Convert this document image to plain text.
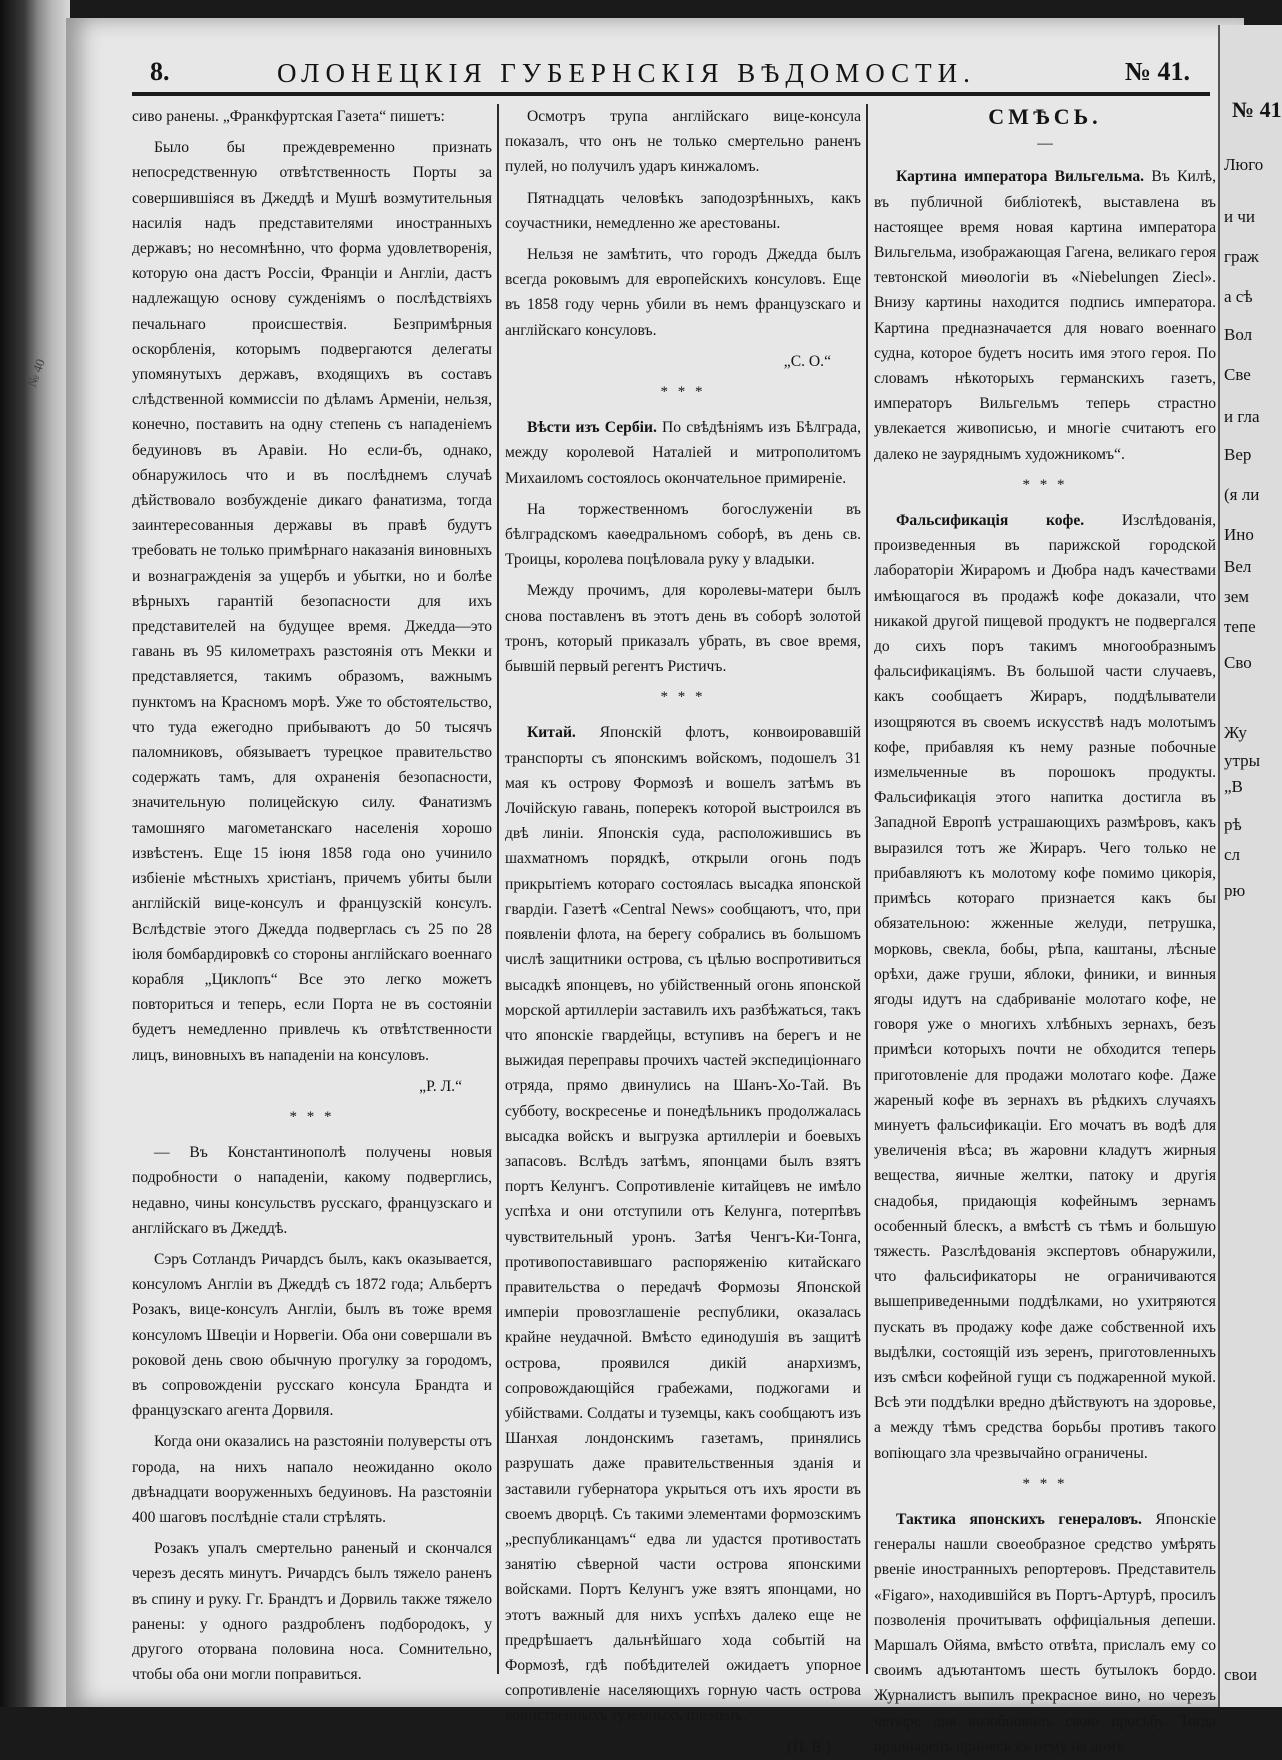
№ 40
№ 41
Люго
и чи
граж
а сѣ
Вол
Све
и гла
Вер
(я ли
Ино
Вел
зем
тепе
Сво
Жу
утры
„В
рѣ
сл
рю
свои
8.	ОЛОНЕЦКІЯ ГУБЕРНСКІЯ ВѢДОМОСТИ.	№ 41.

сиво ранены. „Франкфуртская Газета“ пишетъ:

Было бы преждевременно признать непосредственную отвѣтственность Порты за совершившiяся въ Джеддѣ и Мушѣ возмутительныя насилія надъ представителями иностранныхъ державъ; но несомнѣнно, что форма удовлетворенія, которую она дастъ Россіи, Франціи и Англіи, дастъ надлежащую основу сужденіямъ о послѣдствіяхъ печальнаго происшествія. Безпримѣрныя оскорбленія, которымъ подвергаются делегаты упомянутыхъ державъ, входящихъ въ составъ слѣдственной коммиссіи по дѣламъ Арменіи, нельзя, конечно, поставить на одну степень съ нападеніемъ бедуиновъ въ Аравіи. Но если-бъ, однако, обнаружилось что и въ послѣднемъ случаѣ дѣйствовало возбужденіе дикаго фанатизма, тогда заинтересованныя державы въ правѣ будутъ требовать не только примѣрнаго наказанія виновныхъ и вознагражденія за ущербъ и убытки, но и болѣе вѣрныхъ гарантій безопасности для ихъ представителей на будущее время. Джедда—это гавань въ 95 километрахъ разстоянія отъ Мекки и представляется, такимъ образомъ, важнымъ пунктомъ на Красномъ морѣ. Уже то обстоятельство, что туда ежегодно прибываютъ до 50 тысячъ паломниковъ, обязываетъ турецкое правительство содержать тамъ, для охраненія безопасности, значительную полицейскую силу. Фанатизмъ тамошняго магометанскаго населенія хорошо извѣстенъ. Еще 15 іюня 1858 года оно учинило избіеніе мѣстныхъ христіанъ, причемъ убиты были англійскій вице-консулъ и французскій консулъ. Вслѣдствіе этого Джедда подверглась съ 25 по 28 іюля бомбардировкѣ со стороны англійскаго военнаго корабля „Циклопъ“ Все это легко можетъ повториться и теперь, если Порта не въ состояніи будетъ немедленно привлечь къ отвѣтственности лицъ, виновныхъ въ нападеніи на консуловъ.

„Р. Л.“
* * *

— Въ Константинополѣ получены новыя подробности о нападеніи, какому подверглись, недавно, чины консульствъ русскаго, французскаго и англійскаго въ Джеддѣ.

Сэръ Сотландъ Ричардсъ былъ, какъ оказывается, консуломъ Англіи въ Джеддѣ съ 1872 года; Альбертъ Розакъ, вице-консулъ Англіи, былъ въ тоже время консуломъ Швеціи и Норвегіи. Оба они совершали въ роковой день свою обычную прогулку за городомъ, въ сопровожденіи русскаго консула Брандта и французскаго агента Дорвиля.

Когда они оказались на разстояніи полуверсты отъ города, на нихъ напало неожиданно около двѣнадцати вооруженныхъ бедуиновъ. На разстояніи 400 шаговъ послѣдніе стали стрѣлять.

Розакъ упалъ смертельно раненый и скончался черезъ десять минутъ. Ричардсъ былъ тяжело раненъ въ спину и руку. Гг. Брандтъ и Дорвиль также тяжело ранены: у одного раздробленъ подбородокъ, у другого оторвана половина носа. Сомнительно, чтобы оба они могли поправиться.

Осмотръ трупа англійскаго вице-консула показалъ, что онъ не только смертельно раненъ пулей, но получилъ ударъ кинжаломъ.

Пятнадцать человѣкъ заподозрѣнныхъ, какъ соучастники, немедленно же арестованы.

Нельзя не замѣтить, что городъ Джедда былъ всегда роковымъ для европейскихъ консуловъ. Еще въ 1858 году чернь убили въ немъ французскаго и англійскаго консуловъ.

„С. О.“
* * *

Вѣсти изъ Сербіи. По свѣдѣніямъ изъ Бѣлграда, между королевой Наталіей и митрополитомъ Михаиломъ состоялось окончательное примиреніе.

На торжественномъ богослуженіи въ бѣлградскомъ каѳедральномъ соборѣ, въ день св. Троицы, королева поцѣловала руку у владыки.

Между прочимъ, для королевы-матери былъ снова поставленъ въ этотъ день въ соборѣ золотой тронъ, который приказалъ убрать, въ свое время, бывшій первый регентъ Ристичъ.

* * *

Китай. Японскій флотъ, конвоировавшій транспорты съ японскимъ войскомъ, подошелъ 31 мая къ острову Формозѣ и вошелъ затѣмъ въ Лочійскую гавань, поперекъ которой выстроился въ двѣ линіи. Японскія суда, расположившись въ шахматномъ порядкѣ, открыли огонь подъ прикрытіемъ котораго состоялась высадка японской гвардіи. Газетѣ «Central News» сообщаютъ, что, при появленіи флота, на берегу собрались въ большомъ числѣ защитники острова, съ цѣлью воспротивиться высадкѣ японцевъ, но убійственный огонь японской морской артиллеріи заставилъ ихъ разбѣжаться, такъ что японскіе гвардейцы, вступивъ на берегъ и не выжидая переправы прочихъ частей экспедиціоннаго отряда, прямо двинулись на Шанъ-Хо-Тай. Въ субботу, воскресенье и понедѣльникъ продолжалась высадка войскъ и выгрузка артиллеріи и боевыхъ запасовъ. Вслѣдъ затѣмъ, японцами былъ взятъ портъ Келунгъ. Сопротивленіе китайцевъ не имѣло успѣха и они отступили отъ Келунга, потерпѣвъ чувствительный уронъ. Затѣя Ченгъ-Ки-Тонга, противопоставившаго распоряженію китайскаго правительства о передачѣ Формозы Японской имперіи провозглашеніе республики, оказалась крайне неудачной. Вмѣсто единодушія въ защитѣ острова, проявился дикій анархизмъ, сопровождающійся грабежами, поджогами и убійствами. Солдаты и туземцы, какъ сообщаютъ изъ Шанхая лондонскимъ газетамъ, принялись разрушать даже правительственныя зданія и заставили губернатора укрыться отъ ихъ ярости въ своемъ дворцѣ. Съ такими элементами формозскимъ „республиканцамъ“ едва ли удастся противостать занятію сѣверной части острова японскими войсками. Портъ Келунгъ уже взятъ японцами, но этотъ важный для нихъ успѣхъ далеко еще не предрѣшаетъ дальнѣйшаго хода событій на Формозѣ, гдѣ побѣдителей ожидаетъ упорное сопротивленіе населяющихъ горную часть острова воинственныхъ туземныхъ племенъ.

(П. В.)
СМѢСЬ.
—

Картина императора Вильгельма. Въ Килѣ, въ публичной библіотекѣ, выставлена въ настоящее время новая картина императора Вильгельма, изображающая Гагена, великаго героя тевтонской миѳологіи въ «Niebelungen Ziecl». Внизу картины находится подпись императора. Картина предназначается для новаго военнаго судна, которое будетъ носить имя этого героя. По словамъ нѣкоторыхъ германскихъ газетъ, императоръ Вильгельмъ теперь страстно увлекается живописью, и многіе считаютъ его далеко не зауряднымъ художникомъ“.

* * *

Фальсификація кофе. Изслѣдованія, произведенныя въ парижской городской лабораторіи Жираромъ и Дюбра надъ качествами имѣющагося въ продажѣ кофе доказали, что никакой другой пищевой продуктъ не подвергался до сихъ поръ такимъ многообразнымъ фальсификаціямъ. Въ большой части случаевъ, какъ сообщаетъ Жираръ, поддѣлыватели изощряются въ своемъ искусствѣ надъ молотымъ кофе, прибавляя къ нему разные побочные измельченные въ порошокъ продукты. Фальсификація этого напитка достигла въ Западной Европѣ устрашающихъ размѣровъ, какъ выразился тотъ же Жираръ. Чего только не прибавляютъ къ молотому кофе помимо цикорія, примѣсь котораго признается какъ бы обязательною: жженные желуди, петрушка, морковь, свекла, бобы, рѣпа, каштаны, лѣсные орѣхи, даже груши, яблоки, финики, и винныя ягоды идутъ на сдабриваніе молотаго кофе, не говоря уже о многихъ хлѣбныхъ зернахъ, безъ примѣси которыхъ почти не обходится теперь приготовленіе для продажи молотаго кофе. Даже жареный кофе въ зернахъ въ рѣдкихъ случаяхъ минуетъ фальсификаціи. Его мочатъ въ водѣ для увеличенія вѣса; въ жаровни кладутъ жирныя вещества, яичные желтки, патоку и другія снадобья, придающія кофейнымъ зернамъ особенный блескъ, а вмѣстѣ съ тѣмъ и большую тяжесть. Разслѣдованія экспертовъ обнаружили, что фальсификаторы не ограничиваются вышеприведенными поддѣлками, но ухитряются пускать въ продажу кофе даже собственной ихъ выдѣлки, состоящій изъ зеренъ, приготовленныхъ изъ смѣси кофейной гущи съ поджаренной мукой. Всѣ эти поддѣлки вредно дѣйствуютъ на здоровье, а между тѣмъ средства борьбы противъ такого вопіющаго зла чрезвычайно ограничены.

* * *

Тактика японскихъ генераловъ. Японскіе генералы нашли своеобразное средство умѣрять рвеніе иностранныхъ репортеровъ. Представитель «Figaro», находившійся въ Портъ-Артурѣ, просилъ позволенія прочитывать оффиціальныя депеши. Маршалъ Ойяма, вмѣсто отвѣта, прислалъ ему со своимъ адъютантомъ шесть бутылокъ бордо. Журналистъ выпилъ прекрасное вино, но черезъ четыре дня возобновилъ свою просьбу. Тогда ординарецъ принесъ къ нему на домъ
